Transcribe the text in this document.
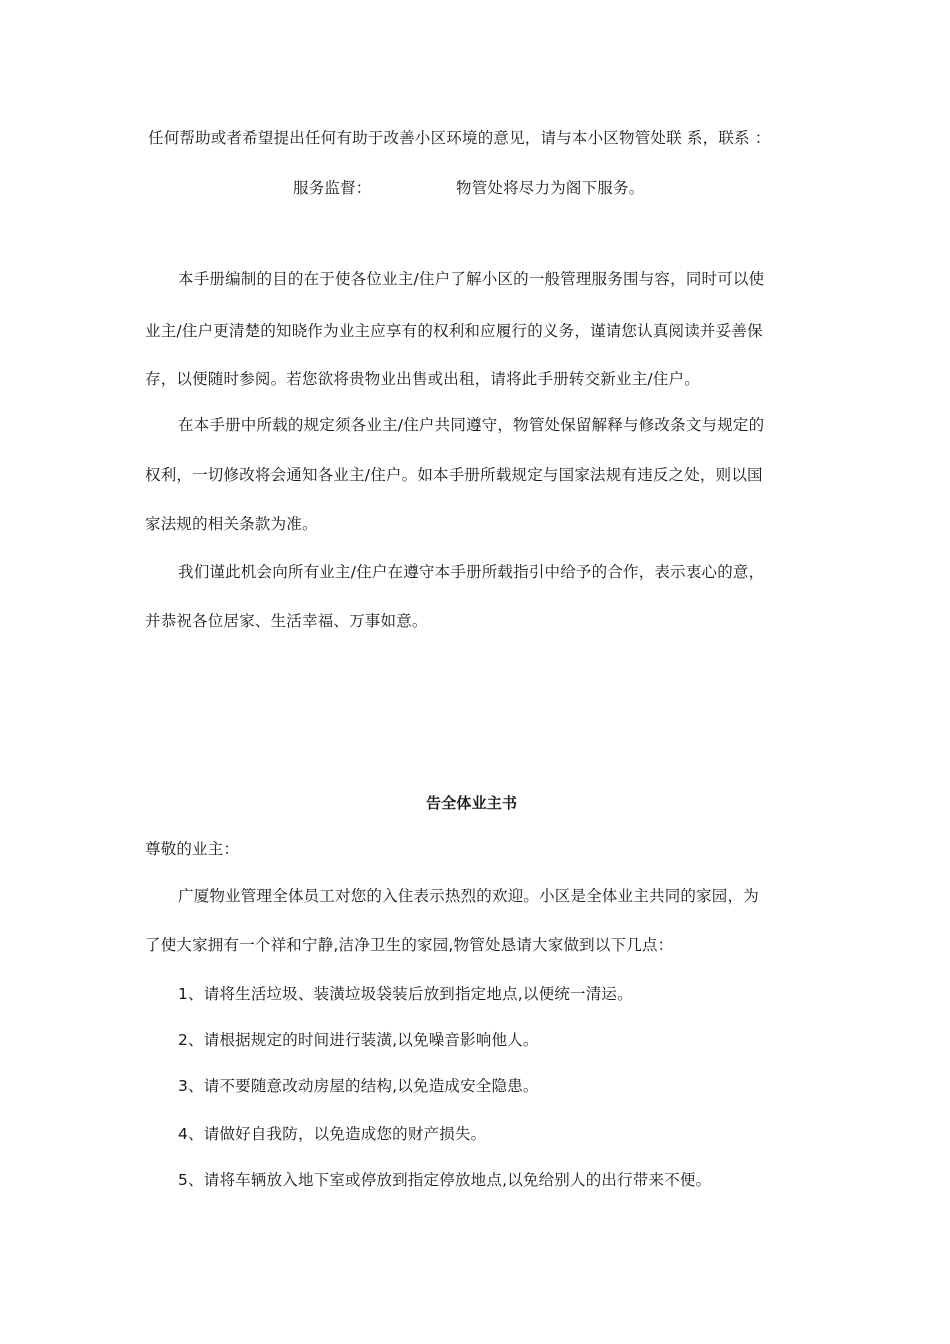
任何帮助或者希望提出任何有助于改善小区环境的意见，请与本小区物管处联 系，联系 ：
服务监督：	物管处将尽力为阁下服务。
本手册编制的目的在于使各位业主/住户了解小区的一般管理服务围与容，同时可以使
业主/住户更清楚的知晓作为业主应享有的权利和应履行的义务，谨请您认真阅读并妥善保
存，以便随时参阅。若您欲将贵物业出售或出租，请将此手册转交新业主/住户。
在本手册中所载的规定须各业主/住户共同遵守，物管处保留解释与修改条文与规定的
权利，一切修改将会通知各业主/住户。如本手册所载规定与国家法规有违反之处，则以国
家法规的相关条款为准。
我们谨此机会向所有业主/住户在遵守本手册所载指引中给予的合作，表示衷心的意，
并恭祝各位居家、生活幸福、万事如意。
告全体业主书
尊敬的业主：
广厦物业管理全体员工对您的入住表示热烈的欢迎。小区是全体业主共同的家园，为
了使大家拥有一个祥和宁静,洁净卫生的家园,物管处恳请大家做到以下几点：
1、请将生活垃圾、装潢垃圾袋装后放到指定地点,以便统一清运。
2、请根据规定的时间进行装潢,以免噪音影响他人。
3、请不要随意改动房屋的结构,以免造成安全隐患。
4、请做好自我防，以免造成您的财产损失。
5、请将车辆放入地下室或停放到指定停放地点,以免给别人的出行带来不便。
